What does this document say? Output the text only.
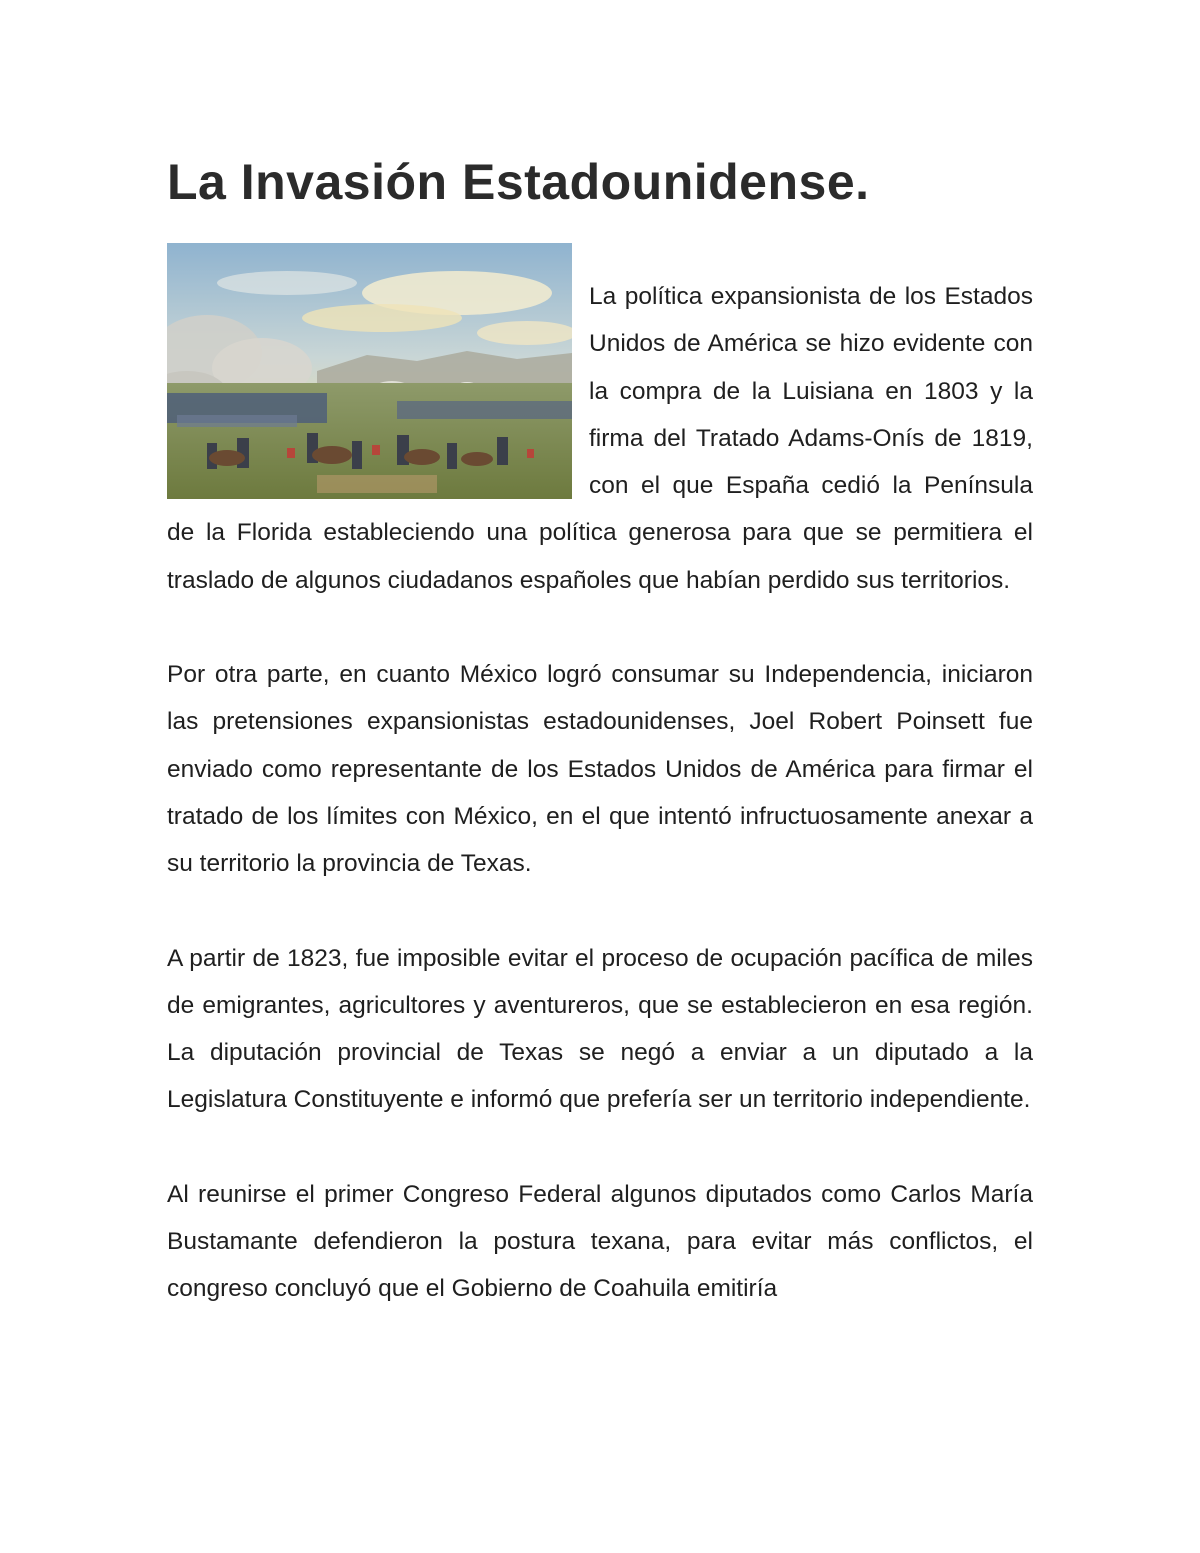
La Invasión Estadounidense.

La política expansionista de los Estados Unidos de América se hizo evidente con la compra de la Luisiana en 1803 y la firma del Tratado Adams-Onís de 1819, con el que España cedió la Península de la Florida estableciendo una política generosa para que se permitiera el traslado de algunos ciudadanos españoles que habían perdido sus territorios.

Por otra parte, en cuanto México logró consumar su Independencia, iniciaron las pretensiones expansionistas estadounidenses, Joel Robert Poinsett fue enviado como representante de los Estados Unidos de América para firmar el tratado de los límites con México, en el que intentó infructuosamente anexar a su territorio la provincia de Texas.

A partir de 1823, fue imposible evitar el proceso de ocupación pacífica de miles de emigrantes, agricultores y aventureros, que se establecieron en esa región. La diputación provincial de Texas se negó a enviar a un diputado a la Legislatura Constituyente e informó que prefería ser un territorio independiente.

Al reunirse el primer Congreso Federal algunos diputados como Carlos María Bustamante defendieron la postura texana, para evitar más conflictos, el congreso concluyó que el Gobierno de Coahuila emitiría
